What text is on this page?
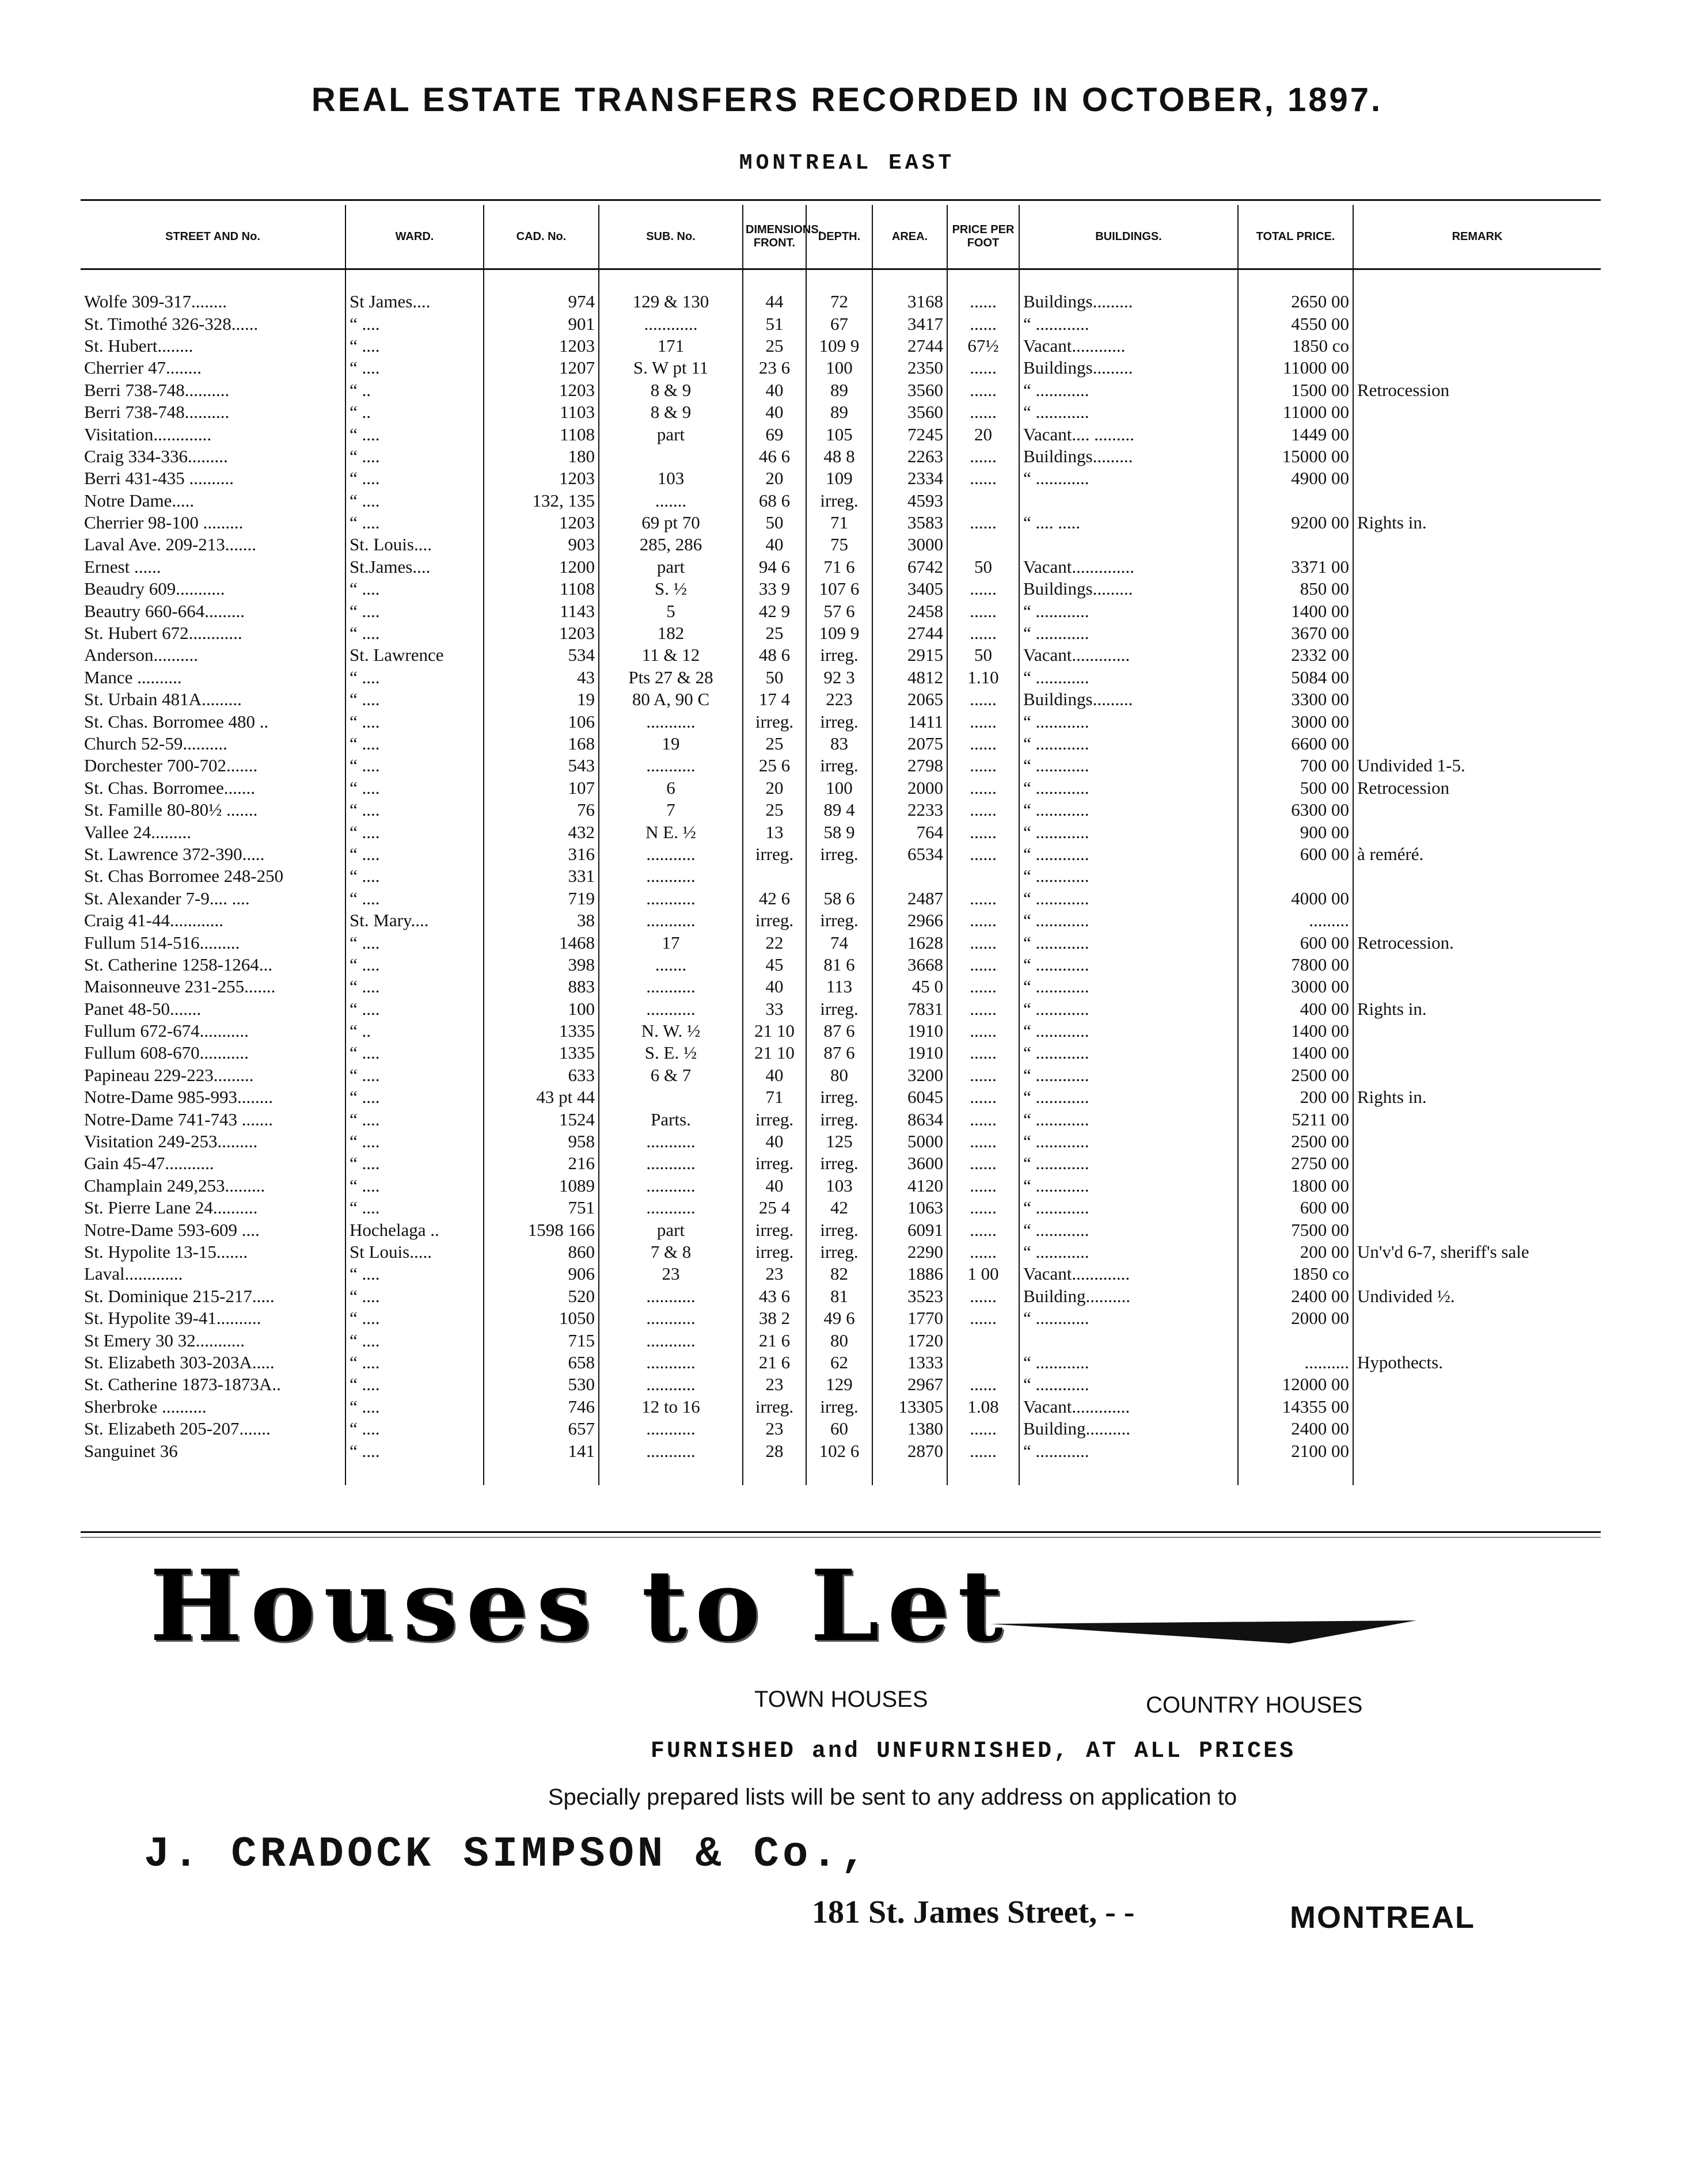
REAL ESTATE TRANSFERS RECORDED IN OCTOBER, 1897.
MONTREAL EAST
STREET AND No.	WARD.	CAD. No.	SUB. No.	DIMENSIONS. FRONT.	DEPTH.	AREA.	PRICE PER FOOT	BUILDINGS.	TOTAL PRICE.	REMARK
Wolfe 309-317........	St James....	974	129 & 130	44	72	3168	......	Buildings.........	2650 00	
St. Timothé 326-328......	“ ....	901	............	51	67	3417	......	“ ............	4550 00	
St. Hubert........	“ ....	1203	171	25	109 9	2744	67½	Vacant............	1850 co	
Cherrier 47........	“ ....	1207	S. W pt 11	23 6	100	2350	......	Buildings.........	11000 00	
Berri 738-748..........	“ ..	1203	8 & 9	40	89	3560	......	“ ............	1500 00	Retrocession
Berri 738-748..........	“ ..	1103	8 & 9	40	89	3560	......	“ ............	11000 00	
Visitation.............	“ ....	1108	part	69	105	7245	20	Vacant.... .........	1449 00	
Craig 334-336.........	“ ....	180		46 6	48 8	2263	......	Buildings.........	15000 00	
Berri 431-435 ..........	“ ....	1203	103	20	109	2334	......	“ ............	4900 00	
Notre Dame.....	“ ....	132, 135	.......	68 6	irreg.	4593				
Cherrier 98-100 .........	“ ....	1203	69 pt 70	50	71	3583	......	“ .... .....	9200 00	Rights in.
Laval Ave. 209-213.......	St. Louis....	903	285, 286	40	75	3000				
Ernest ......	St.James....	1200	part	94 6	71 6	6742	50	Vacant..............	3371 00	
Beaudry 609...........	“ ....	1108	S. ½	33 9	107 6	3405	......	Buildings.........	850 00	
Beautry 660-664.........	“ ....	1143	5	42 9	57 6	2458	......	“ ............	1400 00	
St. Hubert 672............	“ ....	1203	182	25	109 9	2744	......	“ ............	3670 00	
Anderson..........	St. Lawrence	534	11 & 12	48 6	irreg.	2915	50	Vacant.............	2332 00	
Mance ..........	“ ....	43	Pts 27 & 28	50	92 3	4812	1.10	“ ............	5084 00	
St. Urbain 481A.........	“ ....	19	80 A, 90 C	17 4	223	2065	......	Buildings.........	3300 00	
St. Chas. Borromee 480 ..	“ ....	106	...........	irreg.	irreg.	1411	......	“ ............	3000 00	
Church 52-59..........	“ ....	168	19	25	83	2075	......	“ ............	6600 00	
Dorchester 700-702.......	“ ....	543	...........	25 6	irreg.	2798	......	“ ............	700 00	Undivided 1-5.
St. Chas. Borromee.......	“ ....	107	6	20	100	2000	......	“ ............	500 00	Retrocession
St. Famille 80-80½ .......	“ ....	76	7	25	89 4	2233	......	“ ............	6300 00	
Vallee 24.........	“ ....	432	N E. ½	13	58 9	764	......	“ ............	900 00	
St. Lawrence 372-390.....	“ ....	316	...........	irreg.	irreg.	6534	......	“ ............	600 00	à reméré.
St. Chas Borromee 248-250	“ ....	331	...........					“ ............		
St. Alexander 7-9.... ....	“ ....	719	...........	42 6	58 6	2487	......	“ ............	4000 00	
Craig 41-44............	St. Mary....	38	...........	irreg.	irreg.	2966	......	“ ............	.........	
Fullum 514-516.........	“ ....	1468	17	22	74	1628	......	“ ............	600 00	Retrocession.
St. Catherine 1258-1264...	“ ....	398	.......	45	81 6	3668	......	“ ............	7800 00	
Maisonneuve 231-255.......	“ ....	883	...........	40	113	45 0	......	“ ............	3000 00	
Panet 48-50.......	“ ....	100	...........	33	irreg.	7831	......	“ ............	400 00	Rights in.
Fullum 672-674...........	“ ..	1335	N. W. ½	21 10	87 6	1910	......	“ ............	1400 00	
Fullum 608-670...........	“ ....	1335	S. E. ½	21 10	87 6	1910	......	“ ............	1400 00	
Papineau 229-223.........	“ ....	633	6 & 7	40	80	3200	......	“ ............	2500 00	
Notre-Dame 985-993........	“ ....	43 pt 44		71	irreg.	6045	......	“ ............	200 00	Rights in.
Notre-Dame 741-743 .......	“ ....	1524	Parts.	irreg.	irreg.	8634	......	“ ............	5211 00	
Visitation 249-253.........	“ ....	958	...........	40	125	5000	......	“ ............	2500 00	
Gain 45-47...........	“ ....	216	...........	irreg.	irreg.	3600	......	“ ............	2750 00	
Champlain 249,253.........	“ ....	1089	...........	40	103	4120	......	“ ............	1800 00	
St. Pierre Lane 24..........	“ ....	751	...........	25 4	42	1063	......	“ ............	600 00	
Notre-Dame 593-609 ....	Hochelaga ..	1598 166	part	irreg.	irreg.	6091	......	“ ............	7500 00	
St. Hypolite 13-15.......	St Louis.....	860	7 & 8	irreg.	irreg.	2290	......	“ ............	200 00	Un'v'd 6-7, sheriff's sale
Laval.............	“ ....	906	23	23	82	1886	1 00	Vacant.............	1850 co	
St. Dominique 215-217.....	“ ....	520	...........	43 6	81	3523	......	Building..........	2400 00	Undivided ½.
St. Hypolite 39-41..........	“ ....	1050	...........	38 2	49 6	1770	......	“ ............	2000 00	
St Emery 30 32...........	“ ....	715	...........	21 6	80	1720				
St. Elizabeth 303-203A.....	“ ....	658	...........	21 6	62	1333		“ ............	..........	Hypothects.
St. Catherine 1873-1873A..	“ ....	530	...........	23	129	2967	......	“ ............	12000 00	
Sherbroke ..........	“ ....	746	12 to 16	irreg.	irreg.	13305	1.08	Vacant.............	14355 00	
St. Elizabeth 205-207.......	“ ....	657	...........	23	60	1380	......	Building..........	2400 00	
Sanguinet 36	“ ....	141	...........	28	102 6	2870	......	“ ............	2100 00	
Houses to Let
TOWN HOUSES	COUNTRY HOUSES
FURNISHED and UNFURNISHED, AT ALL PRICES
Specially prepared lists will be sent to any address on application to
J. CRADOCK SIMPSON & Co.,
181 St. James Street, - -	MONTREAL
